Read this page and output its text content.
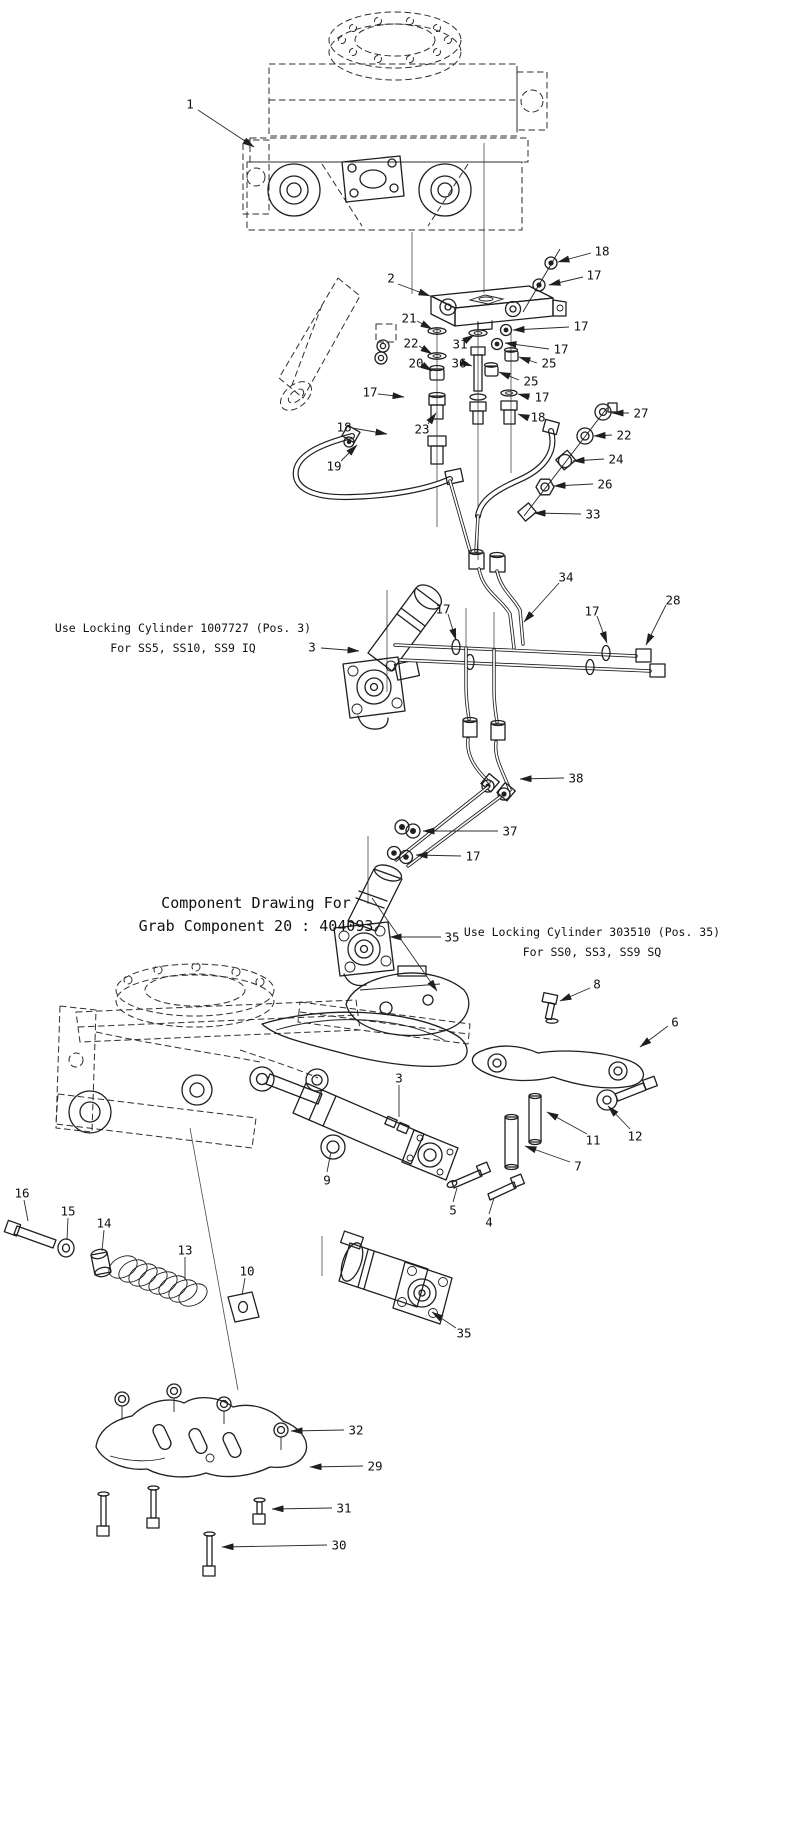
Use Locking Cylinder 1007727 (Pos. 3)
For SS5, SS10, SS9 IQ
Use Locking Cylinder 303510 (Pos. 35)
For SS0, SS3, SS9 SQ
Component Drawing For
Grab Component 20 : 404093
1
2
18
17
17
17
25
25
17
18
21
22
20
17
18
19
23
31
36
27
22
24
26
33
34
17	17
28
3
38
37
17
35
8
6
3
9
11 12
7
5
4
16
15
14
13
10
35
32
29
31
30
